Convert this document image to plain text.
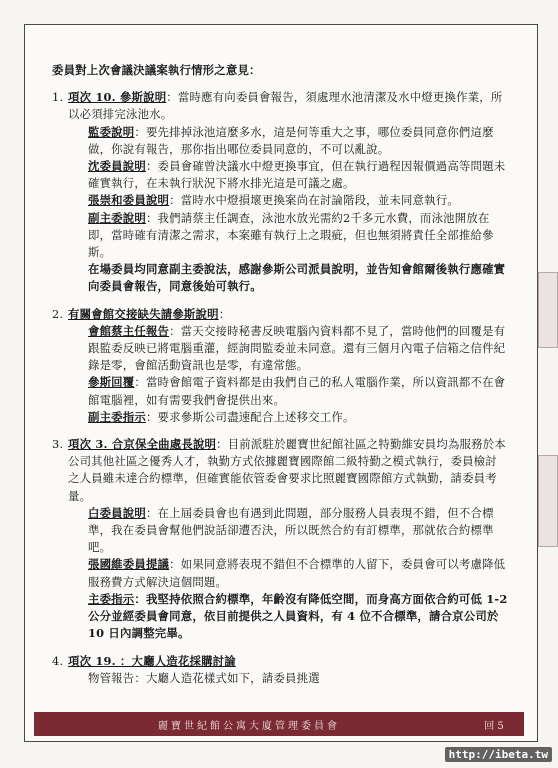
委員對上次會議決議案執行情形之意見：
1. 項次 10. 參斯說明：當時應有向委員會報告，須處理水池清潔及水中燈更換作業，所以必須排完泳池水。
監委說明：要先排掉泳池這麼多水，這是何等重大之事，哪位委員同意你們這麼做，你說有報告，那你指出哪位委員同意的，不可以亂說。
沈委員說明：委員會確曾決議水中燈更換事宜，但在執行過程因報價過高等問題未確實執行，在未執行狀況下將水排光這是可議之處。
張崇和委員說明：當時水中燈損壞更換案尚在討論階段，並未同意執行。
副主委說明：我們請蔡主任調查，泳池水放光需約2千多元水費，而泳池開放在即，當時確有清潔之需求，本案雖有執行上之瑕疵，但也無須將責任全部推給參斯。
在場委員均同意副主委說法，感謝參斯公司派員說明，並告知會館爾後執行應確實向委員會報告，同意後始可執行。
2. 有關會館交接缺失請參斯說明：
會館蔡主任報告：當天交接時秘書反映電腦內資料都不見了，當時他們的回覆是有跟監委反映已將電腦重灌，經詢問監委並未同意。還有三個月內電子信箱之信件紀錄是零，會館活動資訊也是零，有違常態。
參斯回覆：當時會館電子資料都是由我們自己的私人電腦作業，所以資訊都不在會館電腦裡，如有需要我們會提供出來。
副主委指示：要求參斯公司盡速配合上述移交工作。
3. 項次 3. 合京保全曲處長說明：目前派駐於麗寶世紀館社區之特勤維安員均為服務於本公司其他社區之優秀人才，執勤方式依據麗寶國際館二級特勤之模式執行，委員檢討之人員雖未達合約標準，但確實能依管委會要求比照麗寶國際館方式執勤，請委員考量。
白委員說明：在上屆委員會也有遇到此問題，部分服務人員表現不錯，但不合標準，我在委員會幫他們說話卻遭否決，所以既然合約有訂標準，那就依合約標準吧。
張國維委員提議：如果同意將表現不錯但不合標準的人留下，委員會可以考慮降低服務費方式解決這個問題。
主委指示：我堅持依照合約標準，年齡沒有降低空間，而身高方面依合約可低 1-2 公分並經委員會同意，依目前提供之人員資料，有 4 位不合標準，請合京公司於 10 日內調整完畢。
4. 項次 19. ：大廳人造花採購討論
物管報告：大廳人造花樣式如下，請委員挑選
麗寶世紀館公寓大廈管理委員會	回 5
http://ibeta.tw
